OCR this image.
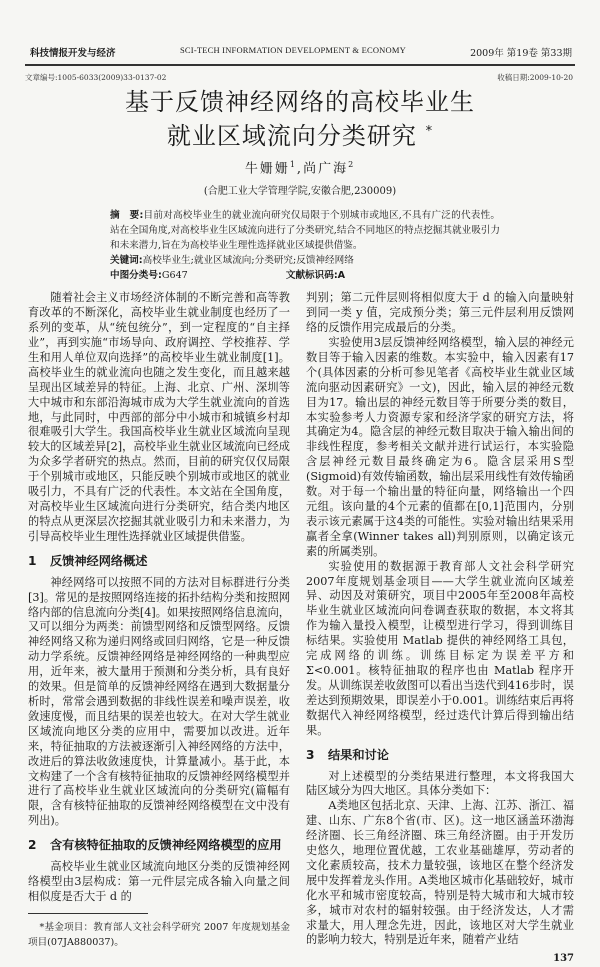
科技情报开发与经济	SCI-TECH INFORMATION DEVELOPMENT & ECONOMY	2009年 第19卷 第33期
文章编号:1005-6033(2009)33-0137-02	收稿日期:2009-10-20
基于反馈神经网络的高校毕业生
就业区域流向分类研究 *
牛姗姗$^1$,尚广海$^2$
(合肥工业大学管理学院,安徽合肥,230009)
摘　要:目前对高校毕业生的就业流向研究仅局限于个别城市或地区,不具有广泛的代表性。站在全国角度,对高校毕业生区域流向进行了分类研究,结合不同地区的特点挖掘其就业吸引力和未来潜力,旨在为高校毕业生理性选择就业区域提供借鉴。
关键词:高校毕业生;就业区域流向;分类研究;反馈神经网络
中图分类号:G647	文献标识码:A

随着社会主义市场经济体制的不断完善和高等教育改革的不断深化，高校毕业生就业制度也经历了一系列的变革，从“统包统分”，到一定程度的“自主择业”，再到实施“市场导向、政府调控、学校推荐、学生和用人单位双向选择”的高校毕业生就业制度[1]。高校毕业生的就业流向也随之发生变化，而且越来越呈现出区域差异的特征。上海、北京、广州、深圳等大中城市和东部沿海城市成为大学生就业流向的首选地，与此同时，中西部的部分中小城市和城镇乡村却很难吸引大学生。我国高校毕业生就业区域流向呈现较大的区域差异[2]，高校毕业生就业区域流向已经成为众多学者研究的热点。然而，目前的研究仅仅局限于个别城市或地区，只能反映个别城市或地区的就业吸引力，不具有广泛的代表性。本文站在全国角度，对高校毕业生区域流向进行分类研究，结合类内地区的特点从更深层次挖掘其就业吸引力和未来潜力，为引导高校毕业生理性选择就业区域提供借鉴。

1 反馈神经网络概述

神经网络可以按照不同的方法对目标群进行分类[3]。常见的是按照网络连接的拓扑结构分类和按照网络内部的信息流向分类[4]。如果按照网络信息流向，又可以细分为两类：前馈型网络和反馈型网络。反馈神经网络又称为递归网络或回归网络，它是一种反馈动力学系统。反馈神经网络是神经网络的一种典型应用，近年来，被大量用于预测和分类分析，具有良好的效果。但是简单的反馈神经网络在遇到大数据量分析时，常常会遇到数据的非线性误差和噪声误差，收敛速度慢，而且结果的误差也较大。在对大学生就业区域流向地区分类的应用中，需要加以改进。近年来，特征抽取的方法被逐渐引入神经网络的方法中，改进后的算法收敛速度快，计算量减小。基于此，本文构建了一个含有核特征抽取的反馈神经网络模型并进行了高校毕业生就业区域流向的分类研究(篇幅有限，含有核特征抽取的反馈神经网络模型在文中没有列出)。

2 含有核特征抽取的反馈神经网络模型的应用

高校毕业生就业区域流向地区分类的反馈神经网络模型由3层构成：第一元件层完成各输入向量之间相似度是否大于 d 的

*基金项目：教育部人文社会科学研究 2007 年度规划基金项目(07JA880037)。

判别；第二元件层则将相似度大于 d 的输入向量映射到同一类 y 值，完成预分类；第三元件层利用反馈网络的反馈作用完成最后的分类。

实验使用3层反馈神经网络模型，输入层的神经元数目等于输入因素的维数。本实验中，输入因素有17个(具体因素的分析可参见笔者《高校毕业生就业区域流向驱动因素研究》一文)，因此，输入层的神经元数目为17。输出层的神经元数目等于所要分类的数目，本实验参考人力资源专家和经济学家的研究方法，将其确定为4。隐含层的神经元数目取决于输入输出间的非线性程度，参考相关文献并进行试运行，本实验隐含层神经元数目最终确定为6。隐含层采用S型(Sigmoid)有效传输函数，输出层采用线性有效传输函数。对于每一个输出量的特征向量，网络输出一个四元组。该向量的4个元素的值都在[0,1]范围内，分别表示该元素属于这4类的可能性。实验对输出结果采用赢者全拿(Winner takes all)判别原则，以确定该元素的所属类别。

实验使用的数据源于教育部人文社会科学研究2007年度规划基金项目——大学生就业流向区域差异、动因及对策研究，项目中2005年至2008年高校毕业生就业区域流向问卷调查获取的数据，本文将其作为输入量投入模型，让模型进行学习，得到训练目标结果。实验使用 Matlab 提供的神经网络工具包，完成网络的训练。训练目标定为误差平方和 Σ<0.001。核特征抽取的程序也由 Matlab 程序开发。从训练误差收敛图可以看出当迭代到416步时，误差达到预期效果，即误差小于0.001。训练结束后再将数据代入神经网络模型，经过迭代计算后得到输出结果。

3 结果和讨论

对上述模型的分类结果进行整理，本文将我国大陆区域分为四大地区。具体分类如下：

A类地区包括北京、天津、上海、江苏、浙江、福建、山东、广东8个省(市、区)。这一地区涵盖环渤海经济圈、长三角经济圈、珠三角经济圈。由于开发历史悠久，地理位置优越，工农业基础雄厚，劳动者的文化素质较高，技术力量较强，该地区在整个经济发展中发挥着龙头作用。A类地区城市化基础较好，城市化水平和城市密度较高，特别是特大城市和大城市较多，城市对农村的辐射较强。由于经济发达，人才需求量大，用人理念先进，因此，该地区对大学生就业的影响力较大，特别是近年来，随着产业结

137
